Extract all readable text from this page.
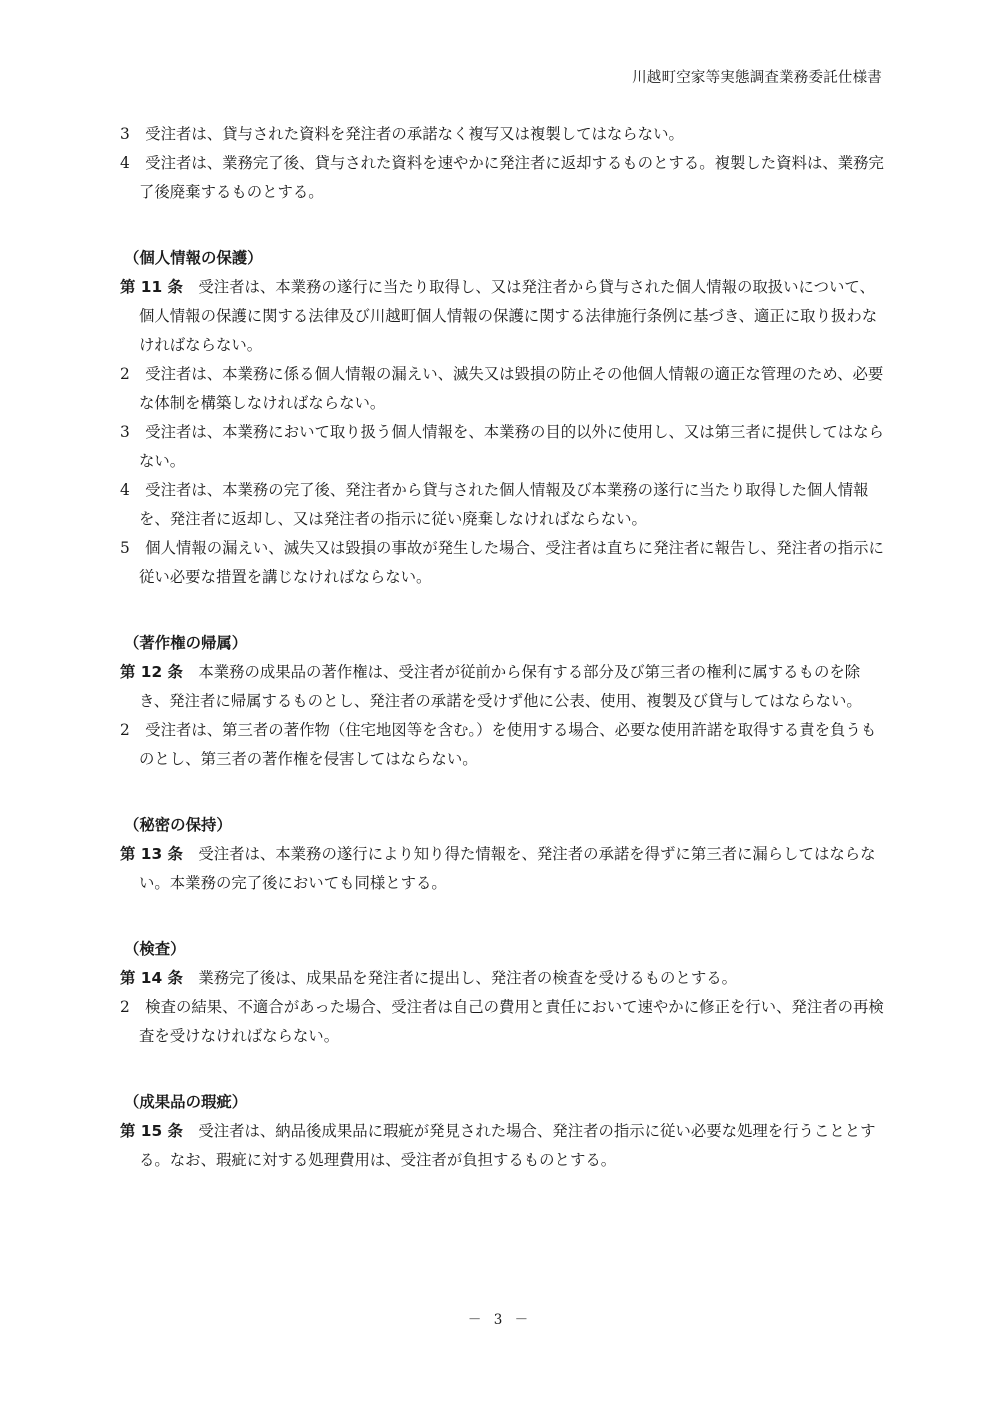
川越町空家等実態調査業務委託仕様書
3　受注者は、貸与された資料を発注者の承諾なく複写又は複製してはならない。
4　受注者は、業務完了後、貸与された資料を速やかに発注者に返却するものとする。複製した資料は、業務完了後廃棄するものとする。
（個人情報の保護）
第 11 条　受注者は、本業務の遂行に当たり取得し、又は発注者から貸与された個人情報の取扱いについて、個人情報の保護に関する法律及び川越町個人情報の保護に関する法律施行条例に基づき、適正に取り扱わなければならない。
2　受注者は、本業務に係る個人情報の漏えい、滅失又は毀損の防止その他個人情報の適正な管理のため、必要な体制を構築しなければならない。
3　受注者は、本業務において取り扱う個人情報を、本業務の目的以外に使用し、又は第三者に提供してはならない。
4　受注者は、本業務の完了後、発注者から貸与された個人情報及び本業務の遂行に当たり取得した個人情報を、発注者に返却し、又は発注者の指示に従い廃棄しなければならない。
5　個人情報の漏えい、滅失又は毀損の事故が発生した場合、受注者は直ちに発注者に報告し、発注者の指示に従い必要な措置を講じなければならない。
（著作権の帰属）
第 12 条　本業務の成果品の著作権は、受注者が従前から保有する部分及び第三者の権利に属するものを除き、発注者に帰属するものとし、発注者の承諾を受けず他に公表、使用、複製及び貸与してはならない。
2　受注者は、第三者の著作物（住宅地図等を含む。）を使用する場合、必要な使用許諾を取得する責を負うものとし、第三者の著作権を侵害してはならない。
（秘密の保持）
第 13 条　受注者は、本業務の遂行により知り得た情報を、発注者の承諾を得ずに第三者に漏らしてはならない。本業務の完了後においても同様とする。
（検査）
第 14 条　業務完了後は、成果品を発注者に提出し、発注者の検査を受けるものとする。
2　検査の結果、不適合があった場合、受注者は自己の費用と責任において速やかに修正を行い、発注者の再検査を受けなければならない。
（成果品の瑕疵）
第 15 条　受注者は、納品後成果品に瑕疵が発見された場合、発注者の指示に従い必要な処理を行うこととする。なお、瑕疵に対する処理費用は、受注者が負担するものとする。
－ 3 －
